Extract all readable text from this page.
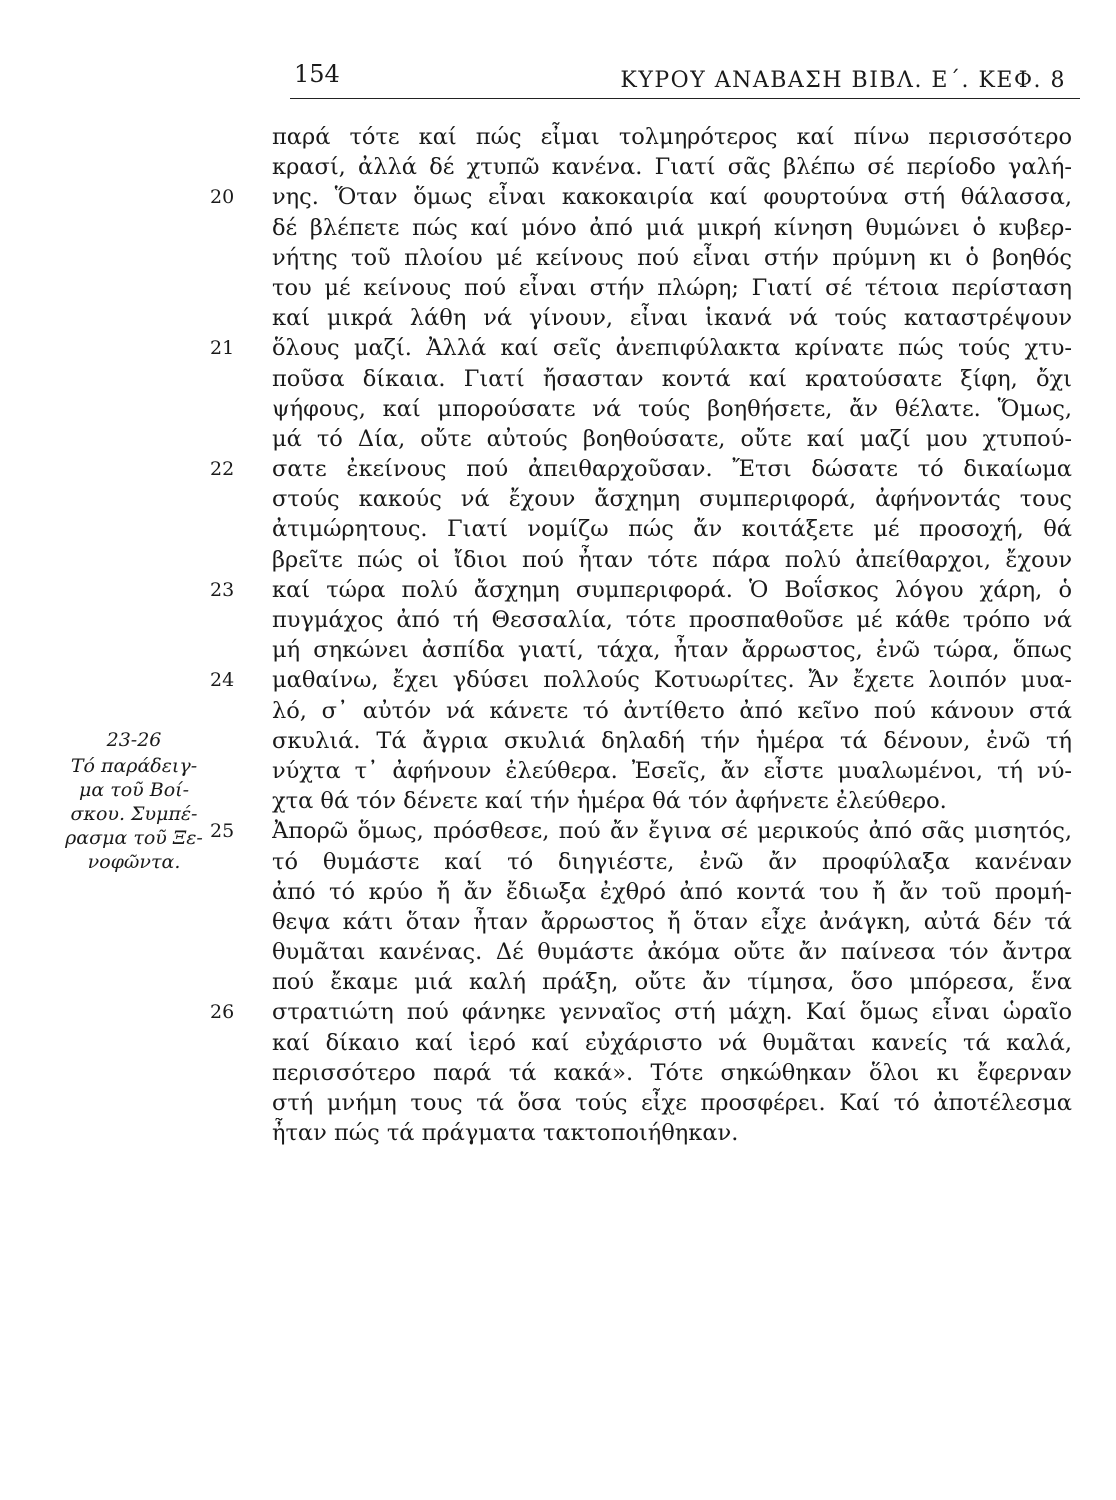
154	ΚΥΡΟΥ ΑΝΑΒΑΣΗ ΒΙΒΛ. Ε΄. ΚΕΦ. 8
23-26
Τό παράδειγ-
μα τοῦ Βοί-
σκου. Συμπέ-
ρασμα τοῦ Ξε-
νοφῶντα.
παρά τότε καί πώς εἶμαι τολμηρότερος καί πίνω περισσότερο
κρασί, ἀλλά δέ χτυπῶ κανένα. Γιατί σᾶς βλέπω σέ περίοδο γαλή-
20	νης. Ὅταν ὅμως εἶναι κακοκαιρία καί φουρτούνα στή θάλασσα,
δέ βλέπετε πώς καί μόνο ἀπό μιά μικρή κίνηση θυμώνει ὁ κυβερ-
νήτης τοῦ πλοίου μέ κείνους πού εἶναι στήν πρύμνη κι ὁ βοηθός
του μέ κείνους πού εἶναι στήν πλώρη; Γιατί σέ τέτοια περίσταση
καί μικρά λάθη νά γίνουν, εἶναι ἱκανά νά τούς καταστρέψουν
21	ὅλους μαζί. Ἀλλά καί σεῖς ἀνεπιφύλακτα κρίνατε πώς τούς χτυ-
ποῦσα δίκαια. Γιατί ἤσασταν κοντά καί κρατούσατε ξίφη, ὄχι
ψήφους, καί μπορούσατε νά τούς βοηθήσετε, ἄν θέλατε. Ὅμως,
μά τό Δία, οὔτε αὐτούς βοηθούσατε, οὔτε καί μαζί μου χτυπού-
22	σατε ἐκείνους πού ἀπειθαρχοῦσαν. Ἔτσι δώσατε τό δικαίωμα
στούς κακούς νά ἔχουν ἄσχημη συμπεριφορά, ἀφήνοντάς τους
ἀτιμώρητους. Γιατί νομίζω πώς ἄν κοιτάξετε μέ προσοχή, θά
βρεῖτε πώς οἱ ἴδιοι πού ἦταν τότε πάρα πολύ ἀπείθαρχοι, ἔχουν
23	καί τώρα πολύ ἄσχημη συμπεριφορά. Ὁ Βοΐσκος λόγου χάρη, ὁ
πυγμάχος ἀπό τή Θεσσαλία, τότε προσπαθοῦσε μέ κάθε τρόπο νά
μή σηκώνει ἀσπίδα γιατί, τάχα, ἦταν ἄρρωστος, ἐνῶ τώρα, ὅπως
24	μαθαίνω, ἔχει γδύσει πολλούς Κοτυωρίτες. Ἄν ἔχετε λοιπόν μυα-
λό, σ᾽ αὐτόν νά κάνετε τό ἀντίθετο ἀπό κεῖνο πού κάνουν στά
σκυλιά. Τά ἄγρια σκυλιά δηλαδή τήν ἡμέρα τά δένουν, ἐνῶ τή
νύχτα τ᾽ ἀφήνουν ἐλεύθερα. Ἐσεῖς, ἄν εἶστε μυαλωμένοι, τή νύ-
χτα θά τόν δένετε καί τήν ἡμέρα θά τόν ἀφήνετε ἐλεύθερο.
25	Ἀπορῶ ὅμως, πρόσθεσε, πού ἄν ἔγινα σέ μερικούς ἀπό σᾶς μισητός,
τό θυμάστε καί τό διηγιέστε, ἐνῶ ἄν προφύλαξα κανέναν
ἀπό τό κρύο ἤ ἄν ἔδιωξα ἐχθρό ἀπό κοντά του ἤ ἄν τοῦ προμή-
θεψα κάτι ὅταν ἦταν ἄρρωστος ἤ ὅταν εἶχε ἀνάγκη, αὐτά δέν τά
θυμᾶται κανένας. Δέ θυμάστε ἀκόμα οὔτε ἄν παίνεσα τόν ἄντρα
πού ἔκαμε μιά καλή πράξη, οὔτε ἄν τίμησα, ὅσο μπόρεσα, ἕνα
26	στρατιώτη πού φάνηκε γενναῖος στή μάχη. Καί ὅμως εἶναι ὡραῖο
καί δίκαιο καί ἱερό καί εὐχάριστο νά θυμᾶται κανείς τά καλά,
περισσότερο παρά τά κακά». Τότε σηκώθηκαν ὅλοι κι ἔφερναν
στή μνήμη τους τά ὅσα τούς εἶχε προσφέρει. Καί τό ἀποτέλεσμα
ἦταν πώς τά πράγματα τακτοποιήθηκαν.
